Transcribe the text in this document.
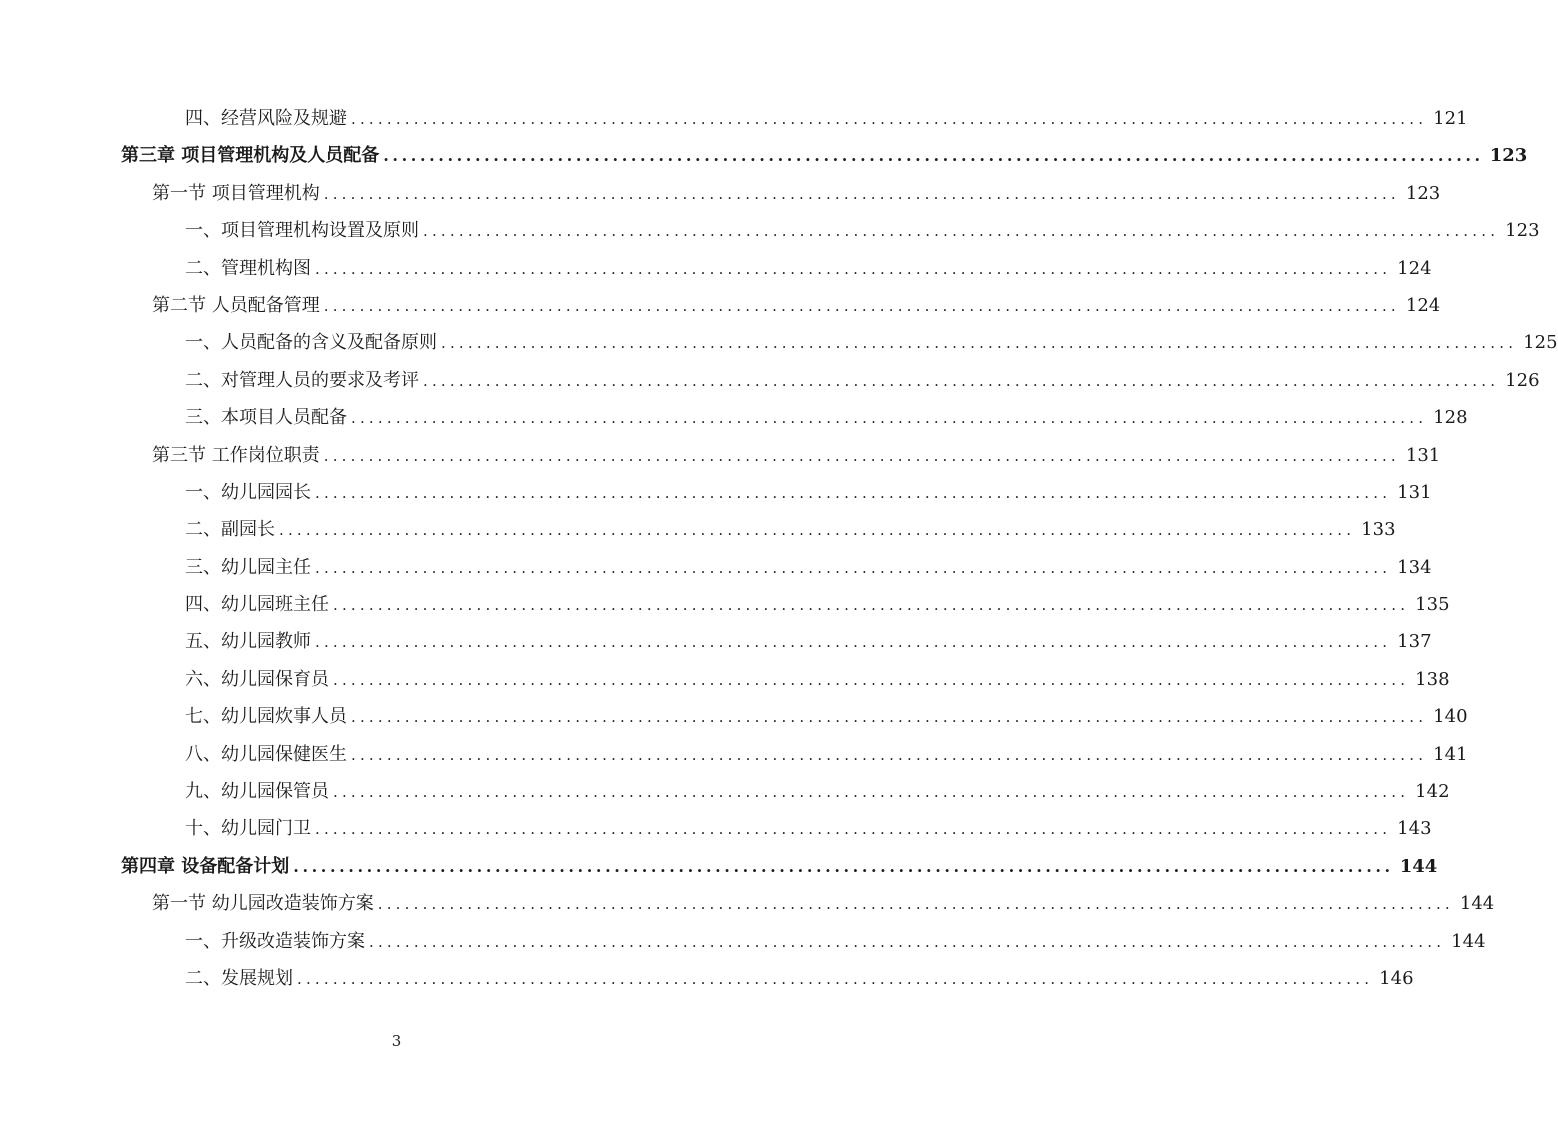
四、经营风险及规避 ........................................................................................................................ 121
第三章 项目管理机构及人员配备 ........................................................................................................................ 123
第一节 项目管理机构 ........................................................................................................................ 123
一、项目管理机构设置及原则 ........................................................................................................................ 123
二、管理机构图 ........................................................................................................................ 124
第二节 人员配备管理 ........................................................................................................................ 124
一、人员配备的含义及配备原则 ........................................................................................................................ 125
二、对管理人员的要求及考评 ........................................................................................................................ 126
三、本项目人员配备 ........................................................................................................................ 128
第三节 工作岗位职责 ........................................................................................................................ 131
一、幼儿园园长 ........................................................................................................................ 131
二、副园长 ........................................................................................................................ 133
三、幼儿园主任 ........................................................................................................................ 134
四、幼儿园班主任 ........................................................................................................................ 135
五、幼儿园教师 ........................................................................................................................ 137
六、幼儿园保育员 ........................................................................................................................ 138
七、幼儿园炊事人员 ........................................................................................................................ 140
八、幼儿园保健医生 ........................................................................................................................ 141
九、幼儿园保管员 ........................................................................................................................ 142
十、幼儿园门卫 ........................................................................................................................ 143
第四章 设备配备计划 ........................................................................................................................ 144
第一节 幼儿园改造装饰方案 ........................................................................................................................ 144
一、升级改造装饰方案 ........................................................................................................................ 144
二、发展规划 ........................................................................................................................ 146
3
